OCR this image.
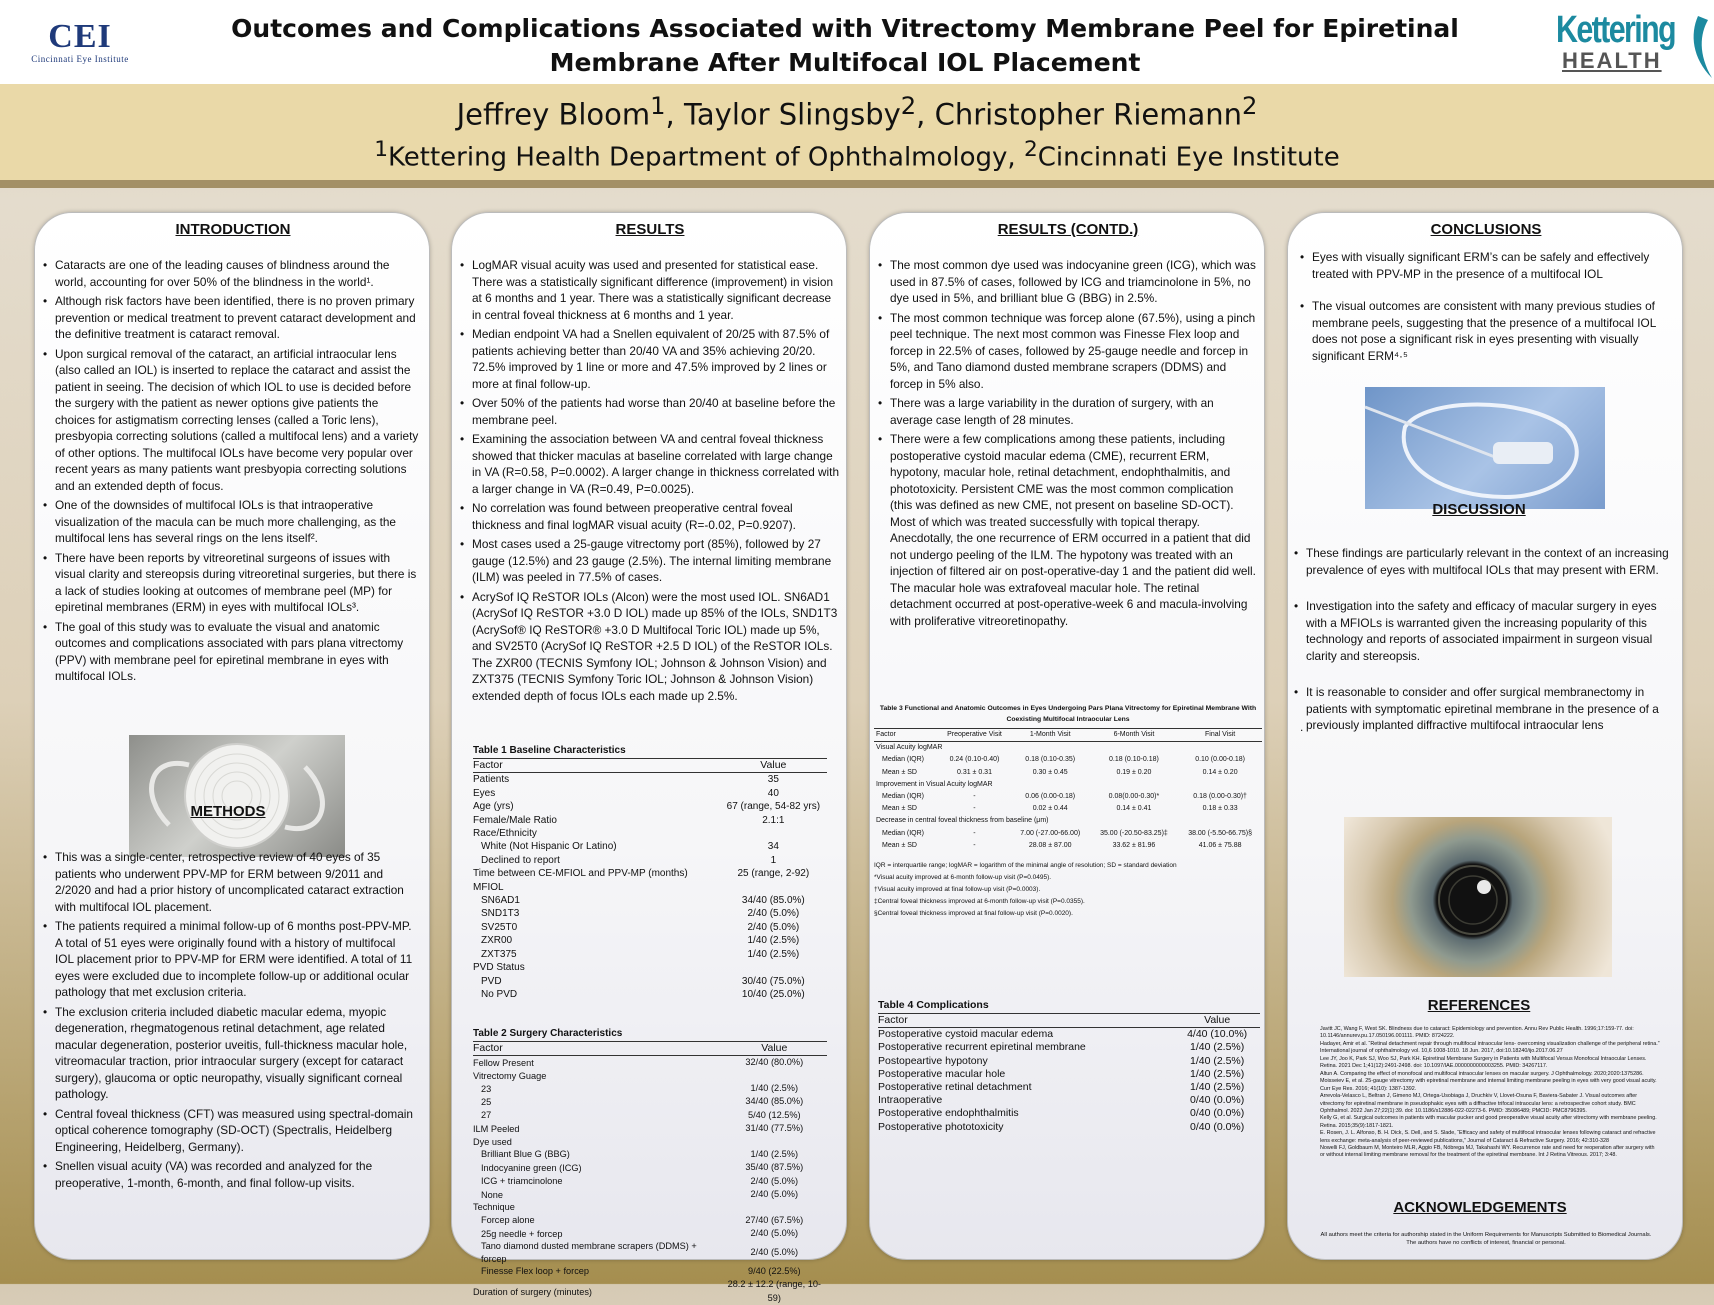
CEI
Cincinnati Eye Institute
Outcomes and Complications Associated with Vitrectomy Membrane Peel for Epiretinal Membrane After Multifocal IOL Placement
Kettering
HEALTH
Jeffrey Bloom$^1$, Taylor Slingsby$^2$, Christopher Riemann$^2$
$^1$Kettering Health Department of Ophthalmology, $^2$Cincinnati Eye Institute
INTRODUCTION
• Cataracts are one of the leading causes of blindness around the world, accounting for over 50% of the blindness in the world¹.
• Although risk factors have been identified, there is no proven primary prevention or medical treatment to prevent cataract development and the definitive treatment is cataract removal.
• Upon surgical removal of the cataract, an artificial intraocular lens (also called an IOL) is inserted to replace the cataract and assist the patient in seeing. The decision of which IOL to use is decided before the surgery with the patient as newer options give patients the choices for astigmatism correcting lenses (called a Toric lens), presbyopia correcting solutions (called a multifocal lens) and a variety of other options. The multifocal IOLs have become very popular over recent years as many patients want presbyopia correcting solutions and an extended depth of focus.
• One of the downsides of multifocal IOLs is that intraoperative visualization of the macula can be much more challenging, as the multifocal lens has several rings on the lens itself².
• There have been reports by vitreoretinal surgeons of issues with visual clarity and stereopsis during vitreoretinal surgeries, but there is a lack of studies looking at outcomes of membrane peel (MP) for epiretinal membranes (ERM) in eyes with multifocal IOLs³.
• The goal of this study was to evaluate the visual and anatomic outcomes and complications associated with pars plana vitrectomy (PPV) with membrane peel for epiretinal membrane in eyes with multifocal IOLs.
METHODS
• This was a single-center, retrospective review of 40 eyes of 35 patients who underwent PPV-MP for ERM between 9/2011 and 2/2020 and had a prior history of uncomplicated cataract extraction with multifocal IOL placement.
• The patients required a minimal follow-up of 6 months post-PPV-MP. A total of 51 eyes were originally found with a history of multifocal IOL placement prior to PPV-MP for ERM were identified. A total of 11 eyes were excluded due to incomplete follow-up or additional ocular pathology that met exclusion criteria.
• The exclusion criteria included diabetic macular edema, myopic degeneration, rhegmatogenous retinal detachment, age related macular degeneration, posterior uveitis, full-thickness macular hole, vitreomacular traction, prior intraocular surgery (except for cataract surgery), glaucoma or optic neuropathy, visually significant corneal pathology.
• Central foveal thickness (CFT) was measured using spectral-domain optical coherence tomography (SD-OCT) (Spectralis, Heidelberg Engineering, Heidelberg, Germany).
• Snellen visual acuity (VA) was recorded and analyzed for the preoperative, 1-month, 6-month, and final follow-up visits.
RESULTS
• LogMAR visual acuity was used and presented for statistical ease. There was a statistically significant difference (improvement) in vision at 6 months and 1 year. There was a statistically significant decrease in central foveal thickness at 6 months and 1 year.
• Median endpoint VA had a Snellen equivalent of 20/25 with 87.5% of patients achieving better than 20/40 VA and 35% achieving 20/20. 72.5% improved by 1 line or more and 47.5% improved by 2 lines or more at final follow-up.
• Over 50% of the patients had worse than 20/40 at baseline before the membrane peel.
• Examining the association between VA and central foveal thickness showed that thicker maculas at baseline correlated with large change in VA (R=0.58, P=0.0002). A larger change in thickness correlated with a larger change in VA (R=0.49, P=0.0025).
• No correlation was found between preoperative central foveal thickness and final logMAR visual acuity (R=-0.02, P=0.9207).
• Most cases used a 25-gauge vitrectomy port (85%), followed by 27 gauge (12.5%) and 23 gauge (2.5%). The internal limiting membrane (ILM) was peeled in 77.5% of cases.
• AcrySof IQ ReSTOR IOLs (Alcon) were the most used IOL. SN6AD1 (AcrySof IQ ReSTOR +3.0 D IOL) made up 85% of the IOLs, SND1T3 (AcrySof® IQ ReSTOR® +3.0 D Multifocal Toric IOL) made up 5%, and SV25T0 (AcrySof IQ ReSTOR +2.5 D IOL) of the ReSTOR IOLs. The ZXR00 (TECNIS Symfony IOL; Johnson & Johnson Vision) and ZXT375 (TECNIS Symfony Toric IOL; Johnson & Johnson Vision) extended depth of focus IOLs each made up 2.5%.
Table 1 Baseline Characteristics
Factor	Value
Patients	35
Eyes	40
Age (yrs)	67 (range, 54-82 yrs)
Female/Male Ratio	2.1:1
Race/Ethnicity	
White (Not Hispanic Or Latino)	34
Declined to report	1
Time between CE-MFIOL and PPV-MP (months)	25 (range, 2-92)
MFIOL	
SN6AD1	34/40 (85.0%)
SND1T3	2/40 (5.0%)
SV25T0	2/40 (5.0%)
ZXR00	1/40 (2.5%)
ZXT375	1/40 (2.5%)
PVD Status	
PVD	30/40 (75.0%)
No PVD	10/40 (25.0%)
Table 2 Surgery Characteristics
Factor	Value
Fellow Present	32/40 (80.0%)
Vitrectomy Guage	
23	1/40 (2.5%)
25	34/40 (85.0%)
27	5/40 (12.5%)
ILM Peeled	31/40 (77.5%)
Dye used	
Brilliant Blue G (BBG)	1/40 (2.5%)
Indocyanine green (ICG)	35/40 (87.5%)
ICG + triamcinolone	2/40 (5.0%)
None	2/40 (5.0%)
Technique	
Forcep alone	27/40 (67.5%)
25g needle + forcep	2/40 (5.0%)
Tano diamond dusted membrane scrapers (DDMS) + forcep	2/40 (5.0%)
Finesse Flex loop + forcep	9/40 (22.5%)
Duration of surgery (minutes)	28.2 ± 12.2 (range, 10-59)
RESULTS (CONTD.)
• The most common dye used was indocyanine green (ICG), which was used in 87.5% of cases, followed by ICG and triamcinolone in 5%, no dye used in 5%, and brilliant blue G (BBG) in 2.5%.
• The most common technique was forcep alone (67.5%), using a pinch peel technique. The next most common was Finesse Flex loop and forcep in 22.5% of cases, followed by 25-gauge needle and forcep in 5%, and Tano diamond dusted membrane scrapers (DDMS) and forcep in 5% also.
• There was a large variability in the duration of surgery, with an average case length of 28 minutes.
• There were a few complications among these patients, including postoperative cystoid macular edema (CME), recurrent ERM, hypotony, macular hole, retinal detachment, endophthalmitis, and phototoxicity. Persistent CME was the most common complication (this was defined as new CME, not present on baseline SD-OCT). Most of which was treated successfully with topical therapy. Anecdotally, the one recurrence of ERM occurred in a patient that did not undergo peeling of the ILM. The hypotony was treated with an injection of filtered air on post-operative-day 1 and the patient did well. The macular hole was extrafoveal macular hole. The retinal detachment occurred at post-operative-week 6 and macula-involving with proliferative vitreoretinopathy.
Table 3 Functional and Anatomic Outcomes in Eyes Undergoing Pars Plana Vitrectomy for Epiretinal Membrane With Coexisting Multifocal Intraocular Lens
Factor	Preoperative Visit	1-Month Visit	6-Month Visit	Final Visit
Visual Acuity logMAR				
Median (IQR)	0.24 (0.10-0.40)	0.18 (0.10-0.35)	0.18 (0.10-0.18)	0.10 (0.00-0.18)
Mean ± SD	0.31 ± 0.31	0.30 ± 0.45	0.19 ± 0.20	0.14 ± 0.20
Improvement in Visual Acuity logMAR				
Median (IQR)	-	0.06 (0.00-0.18)	0.08(0.00-0.30)*	0.18 (0.00-0.30)†
Mean ± SD	-	0.02 ± 0.44	0.14 ± 0.41	0.18 ± 0.33
Decrease in central foveal thickness from baseline (μm)				
Median (IQR)	-	7.00 (-27.00-66.00)	35.00 (-20.50-83.25)‡	38.00 (-5.50-66.75)§
Mean ± SD	-	28.08 ± 87.00	33.62 ± 81.96	41.06 ± 75.88
IQR = interquartile range; logMAR = logarithm of the minimal angle of resolution; SD = standard deviation
*Visual acuity improved at 6-month follow-up visit (P=0.0495).
†Visual acuity improved at final follow-up visit (P=0.0003).
‡Central foveal thickness improved at 6-month follow-up visit (P=0.0355).
§Central foveal thickness improved at final follow-up visit (P=0.0020).
Table 4 Complications
Factor	Value
Postoperative cystoid macular edema	4/40 (10.0%)
Postoperative recurrent epiretinal membrane	1/40 (2.5%)
Postopeartive hypotony	1/40 (2.5%)
Postoperative macular hole	1/40 (2.5%)
Postoperative retinal detachment	1/40 (2.5%)
Intraoperative	0/40 (0.0%)
Postoperative endophthalmitis	0/40 (0.0%)
Postoperative phototoxicity	0/40 (0.0%)
CONCLUSIONS
• Eyes with visually significant ERM’s can be safely and effectively treated with PPV-MP in the presence of a multifocal IOL
• The visual outcomes are consistent with many previous studies of membrane peels, suggesting that the presence of a multifocal IOL does not pose a significant risk in eyes presenting with visually significant ERM⁴·⁵
DISCUSSION
• These findings are particularly relevant in the context of an increasing prevalence of eyes with multifocal IOLs that may present with ERM.
• Investigation into the safety and efficacy of macular surgery in eyes with a MFIOLs is warranted given the increasing popularity of this technology and reports of associated impairment in surgeon visual clarity and stereopsis.
• It is reasonable to consider and offer surgical membranectomy in patients with symptomatic epiretinal membrane in the presence of a previously implanted diffractive multifocal intraocular lens
.
REFERENCES
Javitt JC, Wang F, West SK. Blindness due to cataract: Epidemiology and prevention. Annu Rev Public Health. 1996;17:159-77. doi: 10.1146/annurev.pu.17.050196.001111. PMID: 8724222.
Hadayer, Amir et al. “Retinal detachment repair through multifocal intraocular lens- overcoming visualization challenge of the peripheral retina.” International journal of ophthalmology vol. 10,6 1008-1010. 18 Jun. 2017, doi:10.18240/ijo.2017.06.27
Lee JY, Joo K, Park SJ, Woo SJ, Park KH. Epiretinal Membrane Surgery in Patients with Multifocal Versus Monofocal Intraocular Lenses. Retina. 2021 Dec 1;41(12):2491-2498. doi: 10.1097/IAE.0000000000003255. PMID: 34267117.
Altun A. Comparing the effect of monofocal and multifocal intraocular lenses on macular surgery. J Ophthalmology. 2020;2020:1375286.
Moisseiev E, et al. 25-gauge vitrectomy with epiretinal membrane and internal limiting membrane peeling in eyes with very good visual acuity. Curr Eye Res. 2016; 41(10): 1387-1392.
Arrevola-Velasco L, Beltran J, Gimeno MJ, Ortega-Usobiaga J, Druchkiv V, Llovet-Osuna F, Baviera-Sabater J. Visual outcomes after vitrectomy for epiretinal membrane in pseudophakic eyes with a diffractive trifocal intraocular lens: a retrospective cohort study. BMC Ophthalmol. 2022 Jan 27;22(1):39. doi: 10.1186/s12886-022-02273-6. PMID: 35086489; PMCID: PMC8796395.
Kelly G, et al. Surgical outcomes in patients with macular pucker and good preoperative visual acuity after vitrectomy with membrane peeling. Retina. 2015;35(9):1817-1821.
E. Rosen, J. L. Alfonso, B. H. Dick, S. Dell, and S. Slade, “Efficacy and safety of multifocal intraocular lenses following cataract and refractive lens exchange: meta-analysis of peer-reviewed publications,” Journal of Cataract & Refractive Surgery. 2016; 42:310-328
Nowelli FJ, Goldbaum M, Monteiro MLR, Aggio FB, Nóbrega MJ, Takahashi WY. Recurrence rate and need for reoperation after surgery with or without internal limiting membrane removal for the treatment of the epiretinal membrane. Int J Retina Vitreous. 2017; 3:48.
ACKNOWLEDGEMENTS
All authors meet the criteria for authorship stated in the Uniform Requirements for Manuscripts Submitted to Biomedical Journals. The authors have no conflicts of interest, financial or personal.
